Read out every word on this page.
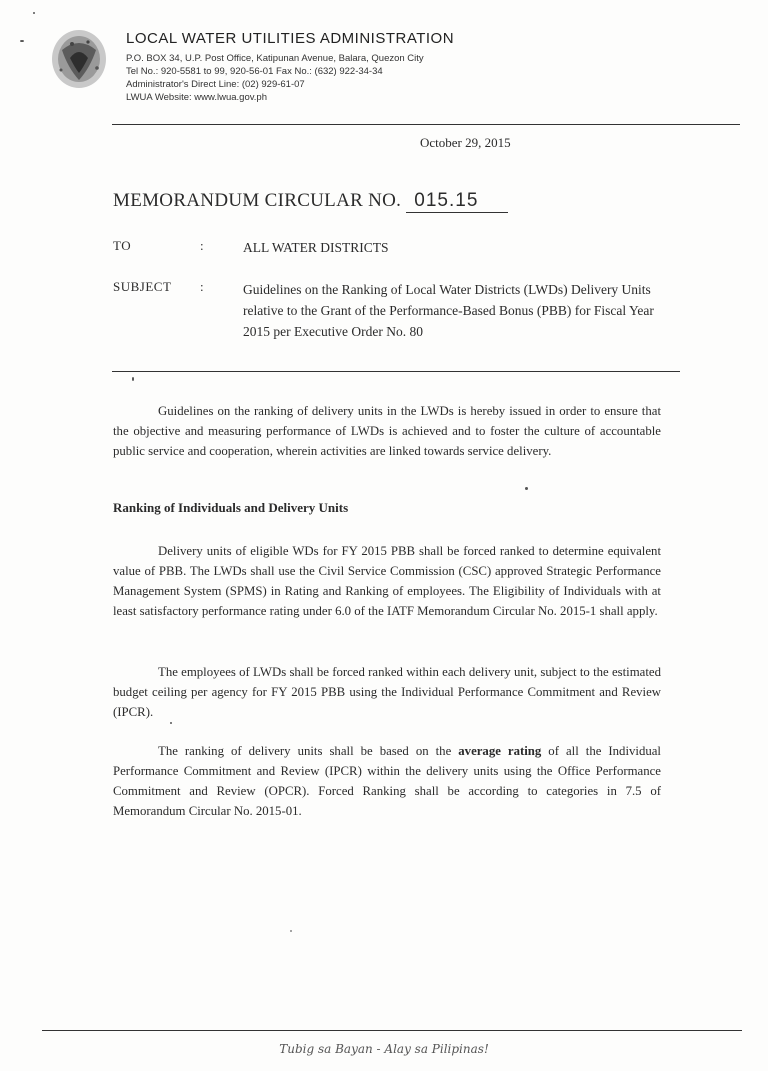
LOCAL WATER UTILITIES ADMINISTRATION
P.O. BOX 34, U.P. Post Office, Katipunan Avenue, Balara, Quezon City
Tel No.: 920-5581 to 99, 920-56-01 Fax No.: (632) 922-34-34
Administrator's Direct Line: (02) 929-61-07
LWUA Website: www.lwua.gov.ph
October 29, 2015
MEMORANDUM CIRCULAR NO. 015.15
TO	:	ALL WATER DISTRICTS
SUBJECT :	Guidelines on the Ranking of Local Water Districts (LWDs) Delivery Units relative to the Grant of the Performance-Based Bonus (PBB) for Fiscal Year 2015 per Executive Order No. 80
Guidelines on the ranking of delivery units in the LWDs is hereby issued in order to ensure that the objective and measuring performance of LWDs is achieved and to foster the culture of accountable public service and cooperation, wherein activities are linked towards service delivery.
Ranking of Individuals and Delivery Units
Delivery units of eligible WDs for FY 2015 PBB shall be forced ranked to determine equivalent value of PBB. The LWDs shall use the Civil Service Commission (CSC) approved Strategic Performance Management System (SPMS) in Rating and Ranking of employees. The Eligibility of Individuals with at least satisfactory performance rating under 6.0 of the IATF Memorandum Circular No. 2015-1 shall apply.
The employees of LWDs shall be forced ranked within each delivery unit, subject to the estimated budget ceiling per agency for FY 2015 PBB using the Individual Performance Commitment and Review (IPCR).
The ranking of delivery units shall be based on the average rating of all the Individual Performance Commitment and Review (IPCR) within the delivery units using the Office Performance Commitment and Review (OPCR). Forced Ranking shall be according to categories in 7.5 of Memorandum Circular No. 2015-01.
Tubig sa Bayan - Alay sa Pilipinas!
